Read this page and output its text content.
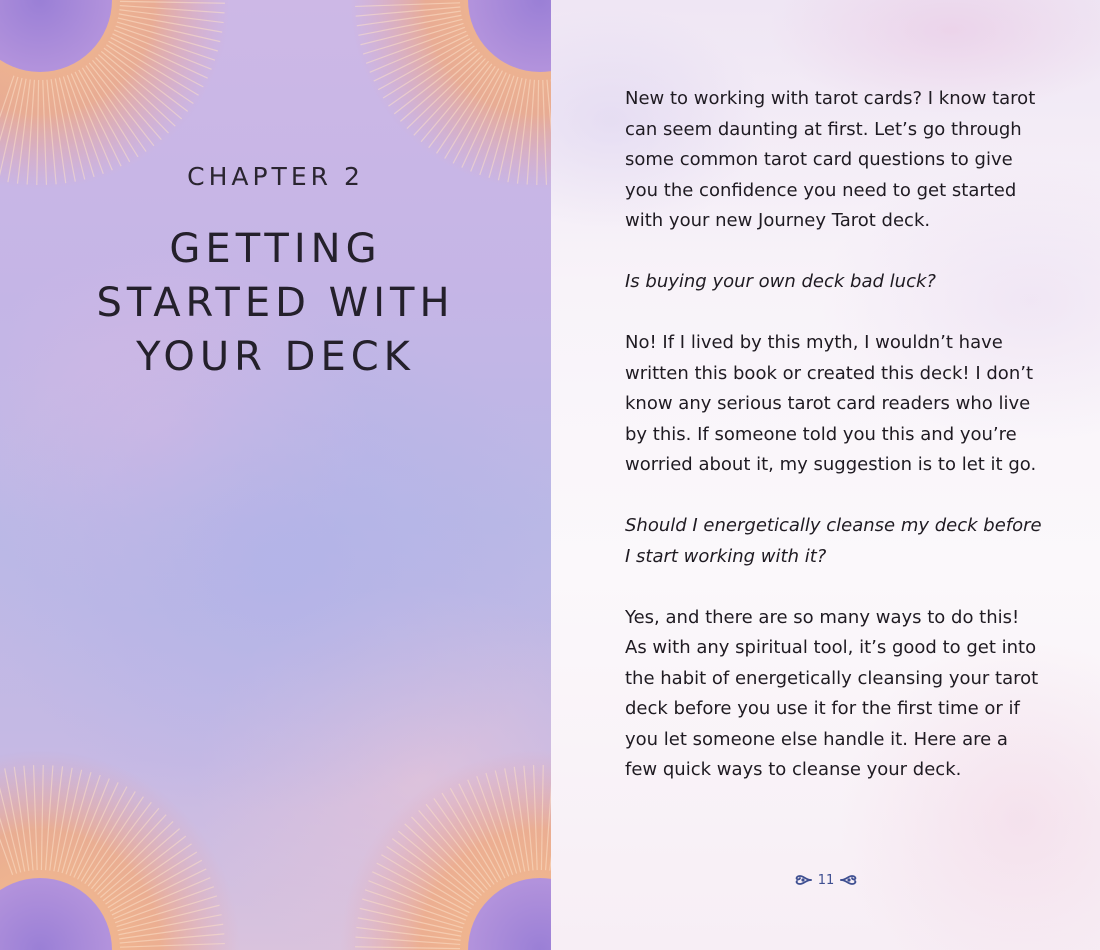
CHAPTER 2
GETTING
STARTED WITH
YOUR DECK

New to working with tarot cards? I know tarot can seem daunting at first. Let’s go through some common tarot card questions to give you the confidence you need to get started with your new Journey Tarot deck.

Is buying your own deck bad luck?

No! If I lived by this myth, I wouldn’t have written this book or created this deck! I don’t know any serious tarot card readers who live by this. If someone told you this and you’re worried about it, my suggestion is to let it go.

Should I energetically cleanse my deck before I start working with it?

Yes, and there are so many ways to do this! As with any spiritual tool, it’s good to get into the habit of energetically cleansing your tarot deck before you use it for the first time or if you let someone else handle it. Here are a few quick ways to cleanse your deck.

11
